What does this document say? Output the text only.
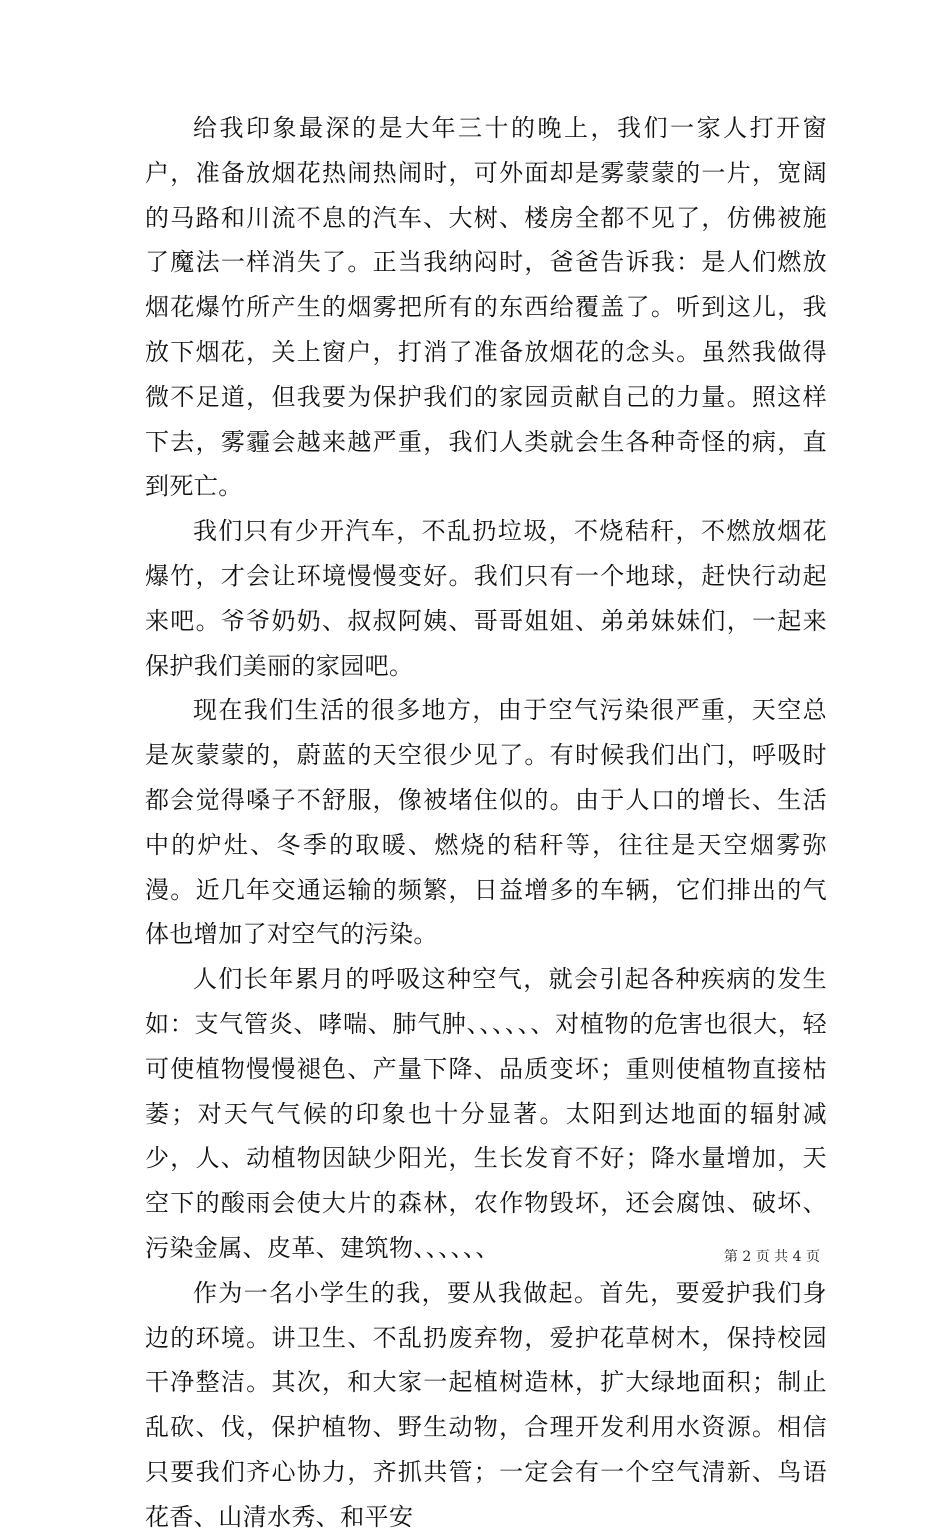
给我印象最深的是大年三十的晚上，我们一家人打开窗户，准备放烟花热闹热闹时，可外面却是雾蒙蒙的一片，宽阔的马路和川流不息的汽车、大树、楼房全都不见了，仿佛被施了魔法一样消失了。正当我纳闷时，爸爸告诉我：是人们燃放烟花爆竹所产生的烟雾把所有的东西给覆盖了。听到这儿，我放下烟花，关上窗户，打消了准备放烟花的念头。虽然我做得微不足道，但我要为保护我们的家园贡献自己的力量。照这样下去，雾霾会越来越严重，我们人类就会生各种奇怪的病，直到死亡。

我们只有少开汽车，不乱扔垃圾，不烧秸秆，不燃放烟花爆竹，才会让环境慢慢变好。我们只有一个地球，赶快行动起来吧。爷爷奶奶、叔叔阿姨、哥哥姐姐、弟弟妹妹们，一起来保护我们美丽的家园吧。

现在我们生活的很多地方，由于空气污染很严重，天空总是灰蒙蒙的，蔚蓝的天空很少见了。有时候我们出门，呼吸时都会觉得嗓子不舒服，像被堵住似的。由于人口的增长、生活中的炉灶、冬季的取暖、燃烧的秸秆等，往往是天空烟雾弥漫。近几年交通运输的频繁，日益增多的车辆，它们排出的气体也增加了对空气的污染。

人们长年累月的呼吸这种空气，就会引起各种疾病的发生如：支气管炎、哮喘、肺气肿、、、、、、对植物的危害也很大，轻可使植物慢慢褪色、产量下降、品质变坏；重则使植物直接枯萎；对天气气候的印象也十分显著。太阳到达地面的辐射减少，人、动植物因缺少阳光，生长发育不好；降水量增加，天空下的酸雨会使大片的森林，农作物毁坏，还会腐蚀、破坏、污染金属、皮革、建筑物、、、、、、

作为一名小学生的我，要从我做起。首先，要爱护我们身边的环境。讲卫生、不乱扔废弃物，爱护花草树木，保持校园干净整洁。其次，和大家一起植树造林，扩大绿地面积；制止乱砍、伐，保护植物、野生动物，合理开发利用水资源。相信只要我们齐心协力，齐抓共管；一定会有一个空气清新、鸟语花香、山清水秀、和平安

第 2 页 共 4 页
